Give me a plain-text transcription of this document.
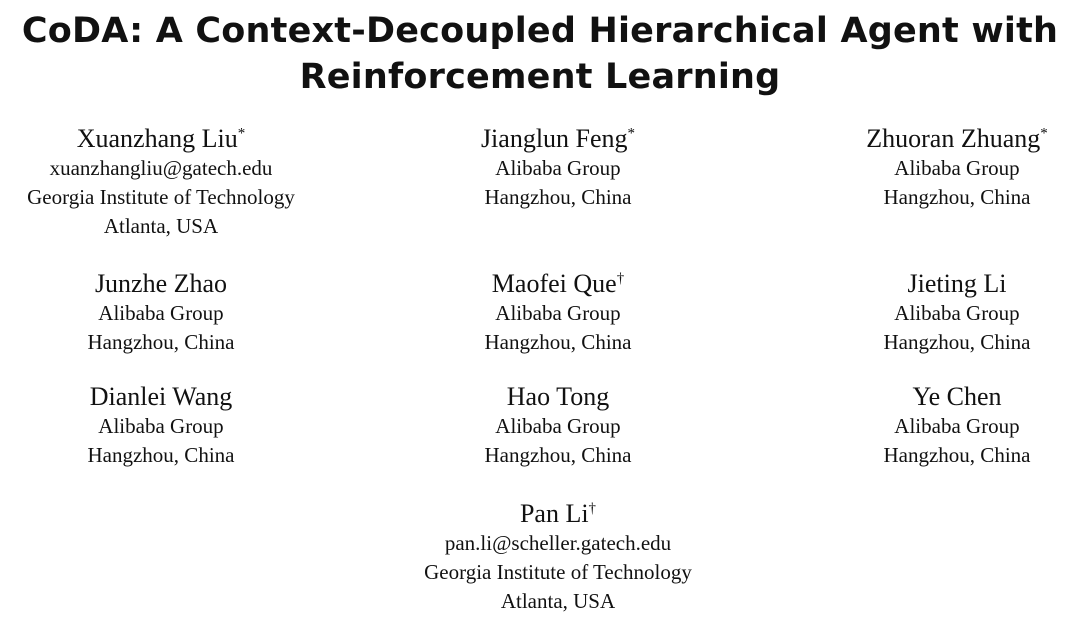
CoDA: A Context-Decoupled Hierarchical Agent with
Reinforcement Learning
Xuanzhang Liu*
xuanzhangliu@gatech.edu
Georgia Institute of Technology
Atlanta, USA
Jianglun Feng*
Alibaba Group
Hangzhou, China
Zhuoran Zhuang*
Alibaba Group
Hangzhou, China
Junzhe Zhao
Alibaba Group
Hangzhou, China
Maofei Que†
Alibaba Group
Hangzhou, China
Jieting Li
Alibaba Group
Hangzhou, China
Dianlei Wang
Alibaba Group
Hangzhou, China
Hao Tong
Alibaba Group
Hangzhou, China
Ye Chen
Alibaba Group
Hangzhou, China
Pan Li†
pan.li@scheller.gatech.edu
Georgia Institute of Technology
Atlanta, USA
